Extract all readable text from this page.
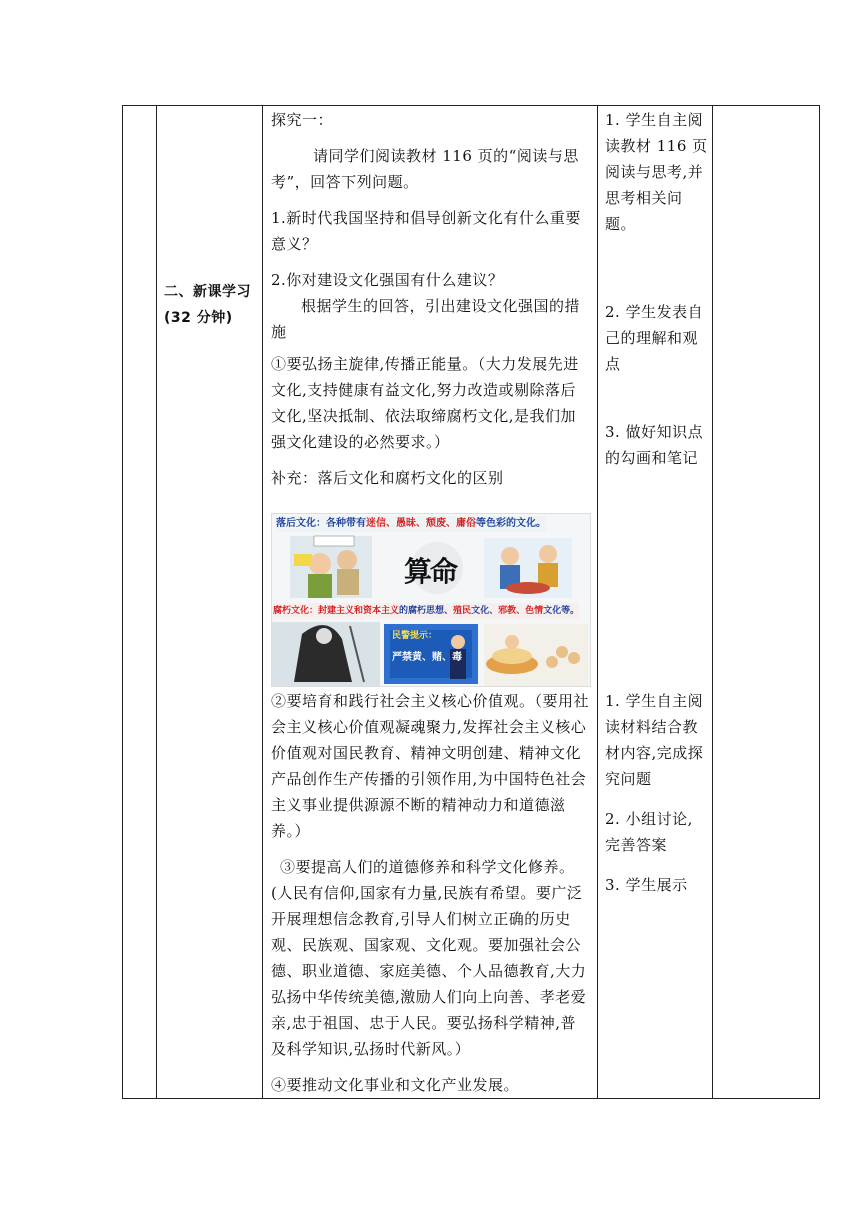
二、新课学习
(32 分钟)

探究一：

请同学们阅读教材 116 页的“阅读与思考”，回答下列问题。

1.新时代我国坚持和倡导创新文化有什么重要意义？

2.你对建设文化强国有什么建议？

根据学生的回答，引出建设文化强国的措施

①要弘扬主旋律,传播正能量。（大力发展先进文化,支持健康有益文化,努力改造或剔除落后文化,坚决抵制、依法取缔腐朽文化,是我们加强文化建设的必然要求。）

补充：落后文化和腐朽文化的区别

落后文化：各种带有迷信、愚昧、颓废、庸俗等色彩的文化。
算命
腐朽文化：封建主义和资本主义的腐朽思想、殖民文化、邪教、色情文化等。
民警提示：
严禁黄、赌、毒

②要培育和践行社会主义核心价值观。（要用社会主义核心价值观凝魂聚力,发挥社会主义核心价值观对国民教育、精神文明创建、精神文化产品创作生产传播的引领作用,为中国特色社会主义事业提供源源不断的精神动力和道德滋养。）

③要提高人们的道德修养和科学文化修养。(人民有信仰,国家有力量,民族有希望。要广泛开展理想信念教育,引导人们树立正确的历史观、民族观、国家观、文化观。要加强社会公德、职业道德、家庭美德、个人品德教育,大力弘扬中华传统美德,激励人们向上向善、孝老爱亲,忠于祖国、忠于人民。要弘扬科学精神,普及科学知识,弘扬时代新风。）

④要推动文化事业和文化产业发展。

1. 学生自主阅读教材 116 页阅读与思考,并思考相关问题。

2. 学生发表自己的理解和观点

3. 做好知识点的勾画和笔记

1. 学生自主阅读材料结合教材内容,完成探究问题

2. 小组讨论,完善答案

3. 学生展示
